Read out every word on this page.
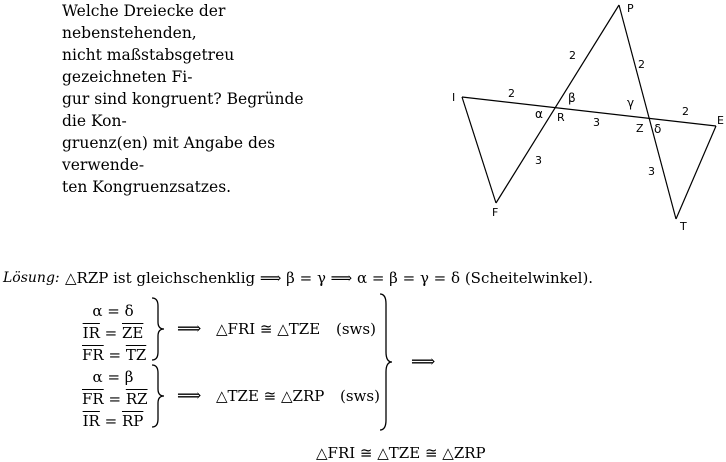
Welche Dreiecke der nebenstehenden,

nicht maßstabsgetreu gezeichneten Fi-

gur sind kongruent? Begründe die Kon-

gruenz(en) mit Angabe des verwende-

ten Kongruenzsatzes.

P
I
E
R
Z
F
T
α
β	γ
δ
2
2
2
3
2
3
3
Lösung: △RZP ist gleichschenklig ⟹ β = γ ⟹ α = β = γ = δ (Scheitelwinkel).
α = δ
$\overline{IR} = \overline{ZE}$
$\overline{FR} = \overline{TZ}$
⟹ △FRI ≅ △TZE (sws)
α = β
$\overline{FR} = \overline{RZ}$
$\overline{IR} = \overline{RP}$
⟹ △TZE ≅ △ZRP (sws)
⟹
△FRI ≅ △TZE ≅ △ZRP
